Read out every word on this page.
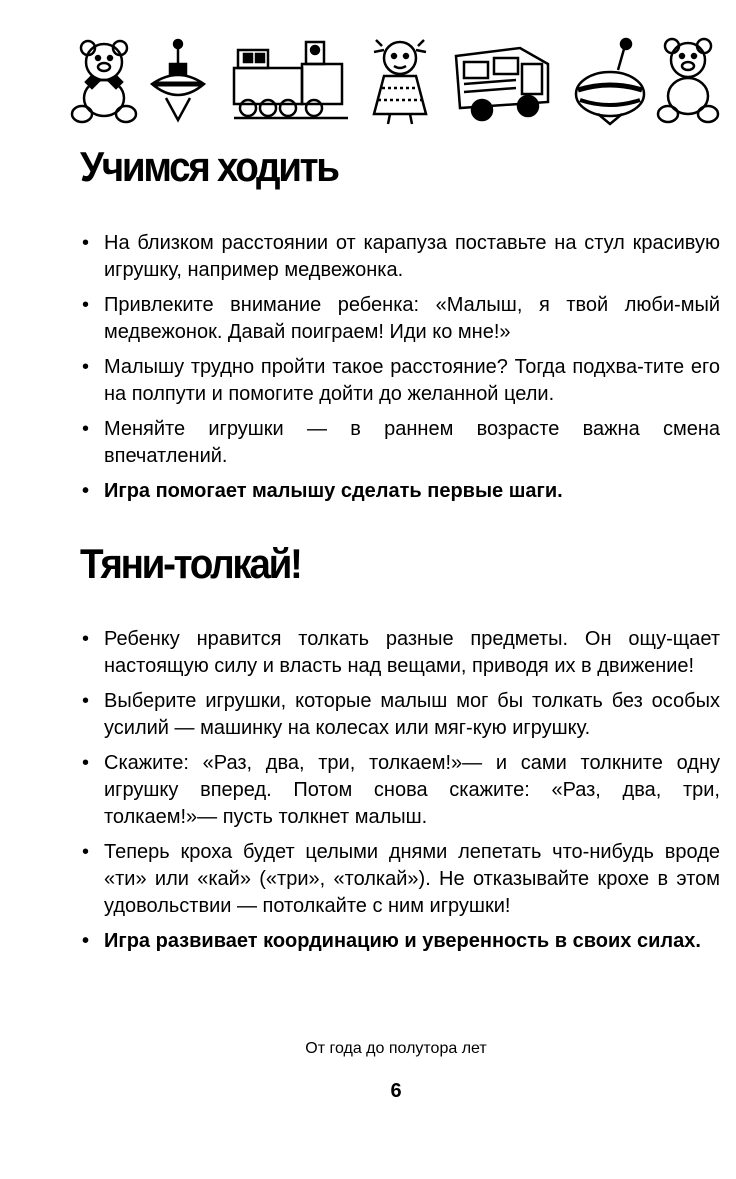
Учимся ходить
• На близком расстоянии от карапуза поставьте на стул красивую игрушку, например медвежонка.
• Привлеките внимание ребенка: «Малыш, я твой люби-мый медвежонок. Давай поиграем! Иди ко мне!»
• Малышу трудно пройти такое расстояние? Тогда подхва-тите его на полпути и помогите дойти до желанной цели.
• Меняйте игрушки — в раннем возрасте важна смена впечатлений.
• Игра помогает малышу сделать первые шаги.
Тяни-толкай!
• Ребенку нравится толкать разные предметы. Он ощу-щает настоящую силу и власть над вещами, приводя их в движение!
• Выберите игрушки, которые малыш мог бы толкать без особых усилий — машинку на колесах или мяг-кую игрушку.
• Скажите: «Раз, два, три, толкаем!»— и сами толкните одну игрушку вперед. Потом снова скажите: «Раз, два, три, толкаем!»— пусть толкнет малыш.
• Теперь кроха будет целыми днями лепетать что-нибудь вроде «ти» или «кай» («три», «толкай»). Не отказывайте крохе в этом удовольствии — потолкайте с ним игрушки!
• Игра развивает координацию и уверенность в своих силах.
От года до полутора лет
6
